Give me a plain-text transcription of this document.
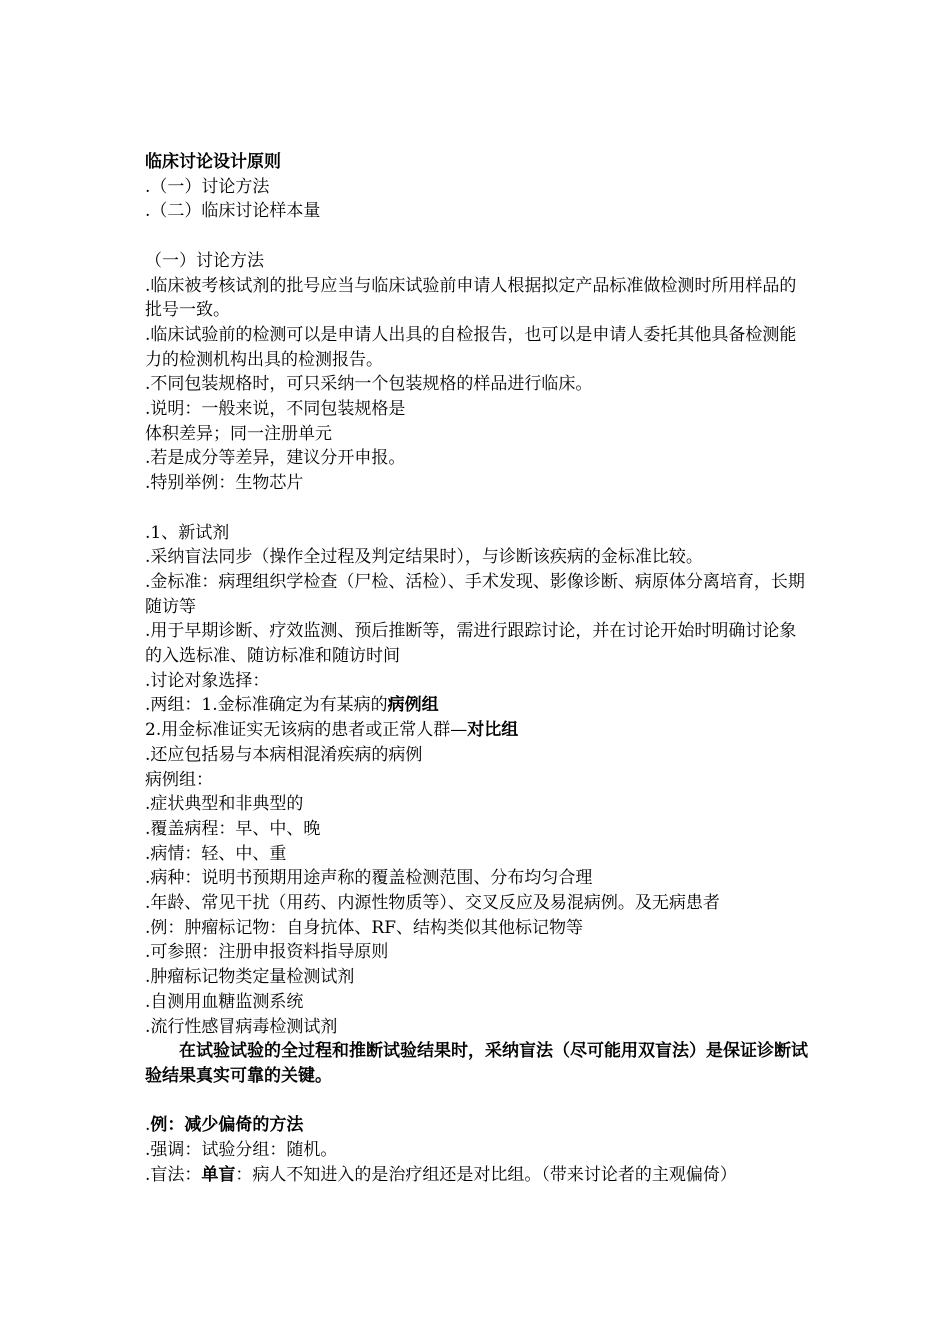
临床讨论设计原则
.（一）讨论方法
.（二）临床讨论样本量
（一）讨论方法
.临床被考核试剂的批号应当与临床试验前申请人根据拟定产品标准做检测时所用样品的批号一致。
.临床试验前的检测可以是申请人出具的自检报告，也可以是申请人委托其他具备检测能力的检测机构出具的检测报告。
.不同包装规格时，可只采纳一个包装规格的样品进行临床。
.说明：一般来说，不同包装规格是
体积差异；同一注册单元
.若是成分等差异，建议分开申报。
.特别举例：生物芯片
.1、新试剂
.采纳盲法同步（操作全过程及判定结果时），与诊断该疾病的金标准比较。
.金标准：病理组织学检查（尸检、活检）、手术发现、影像诊断、病原体分离培育，长期随访等
.用于早期诊断、疗效监测、预后推断等，需进行跟踪讨论，并在讨论开始时明确讨论象的入选标准、随访标准和随访时间
.讨论对象选择：
.两组：1.金标准确定为有某病的病例组
2.用金标准证实无该病的患者或正常人群—对比组
.还应包括易与本病相混淆疾病的病例
病例组：
.症状典型和非典型的
.覆盖病程：早、中、晚
.病情：轻、中、重
.病种：说明书预期用途声称的覆盖检测范围、分布均匀合理
.年龄、常见干扰（用药、内源性物质等）、交叉反应及易混病例。及无病患者
.例：肿瘤标记物：自身抗体、RF、结构类似其他标记物等
.可参照：注册申报资料指导原则
.肿瘤标记物类定量检测试剂
.自测用血糖监测系统
.流行性感冒病毒检测试剂
在试验试验的全过程和推断试验结果时，采纳盲法（尽可能用双盲法）是保证诊断试验结果真实可靠的关键。
.例：减少偏倚的方法
.强调：试验分组：随机。
.盲法：单盲：病人不知进入的是治疗组还是对比组。（带来讨论者的主观偏倚）
